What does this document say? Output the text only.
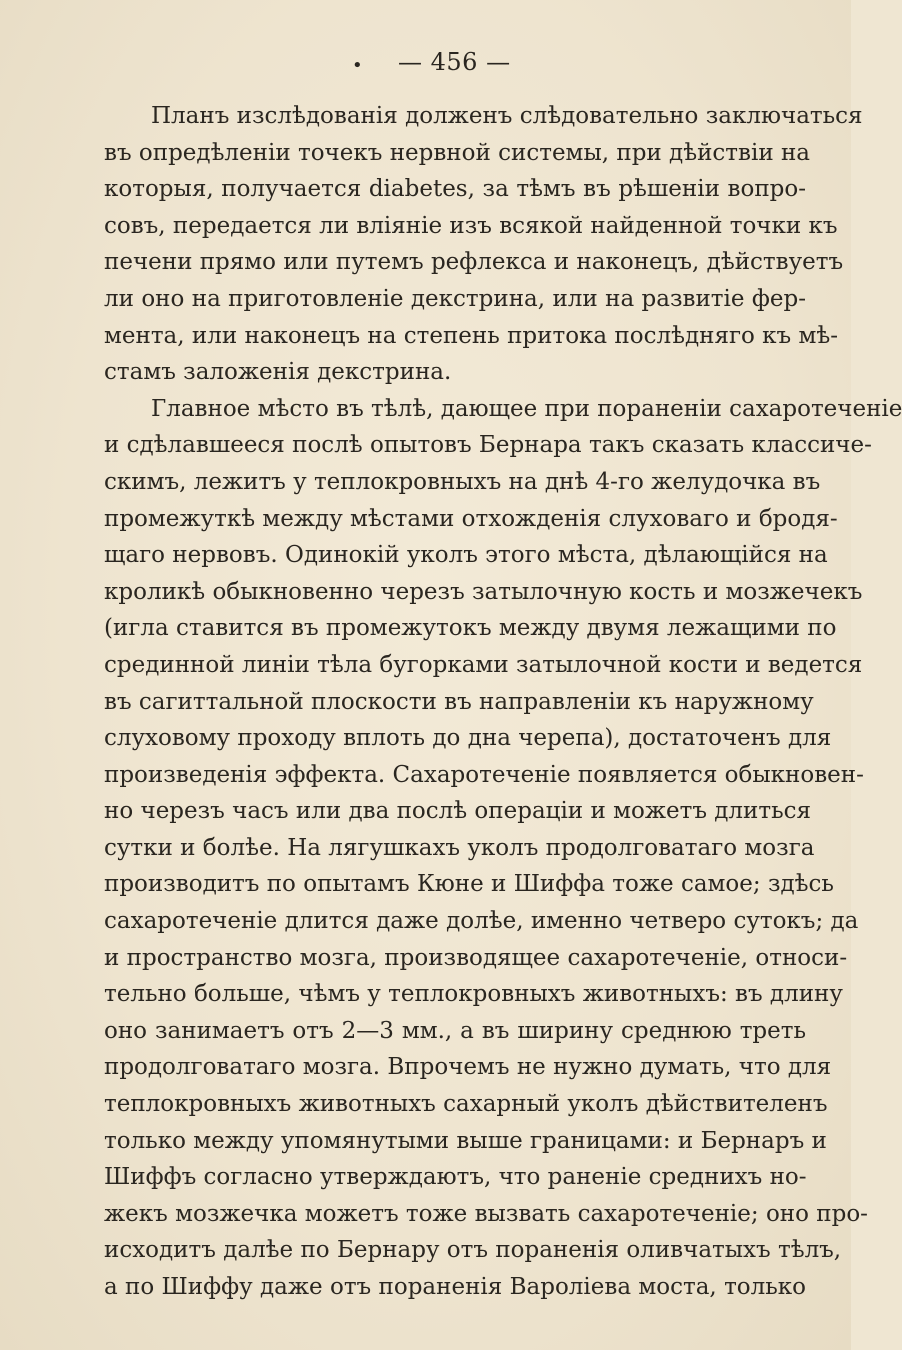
• — 456 —
Планъ изслѣдованія долженъ слѣдовательно заключаться
въ опредѣленіи точекъ нервной системы, при дѣйствіи на
которыя, получается diabetes, за тѣмъ въ рѣшеніи вопро-
совъ, передается ли вліяніе изъ всякой найденной точки къ
печени прямо или путемъ рефлекса и наконецъ, дѣйствуетъ
ли оно на приготовленіе декстрина, или на развитіе фер-
мента, или наконецъ на степень притока послѣдняго къ мѣ-
стамъ заложенія декстрина.
Главное мѣсто въ тѣлѣ, дающее при пораненіи сахаротеченіе
и сдѣлавшееся послѣ опытовъ Бернара такъ сказать классиче-
скимъ, лежитъ у теплокровныхъ на днѣ 4-го желудочка въ
промежуткѣ между мѣстами отхожденія слуховаго и бродя-
щаго нервовъ. Одинокій уколъ этого мѣста, дѣлающійся на
кроликѣ обыкновенно черезъ затылочную кость и мозжечекъ
(игла ставится въ промежутокъ между двумя лежащими по
срединной линіи тѣла бугорками затылочной кости и ведется
въ сагиттальной плоскости въ направленіи къ наружному
слуховому проходу вплоть до дна черепа), достаточенъ для
произведенія эффекта. Сахаротеченіе появляется обыкновен-
но черезъ часъ или два послѣ операціи и можетъ длиться
сутки и болѣе. На лягушкахъ уколъ продолговатаго мозга
производитъ по опытамъ Кюне и Шиффа тоже самое; здѣсь
сахаротеченіе длится даже долѣе, именно четверо сутокъ; да
и пространство мозга, производящее сахаротеченіе, относи-
тельно больше, чѣмъ у теплокровныхъ животныхъ: въ длину
оно занимаетъ отъ 2—3 мм., а въ ширину среднюю треть
продолговатаго мозга. Впрочемъ не нужно думать, что для
теплокровныхъ животныхъ сахарный уколъ дѣйствителенъ
только между упомянутыми выше границами: и Бернаръ и
Шиффъ согласно утверждаютъ, что раненіе среднихъ но-
жекъ мозжечка можетъ тоже вызвать сахаротеченіе; оно про-
исходитъ далѣе по Бернару отъ пораненія оливчатыхъ тѣлъ,
а по Шиффу даже отъ пораненія Вароліева моста, только
